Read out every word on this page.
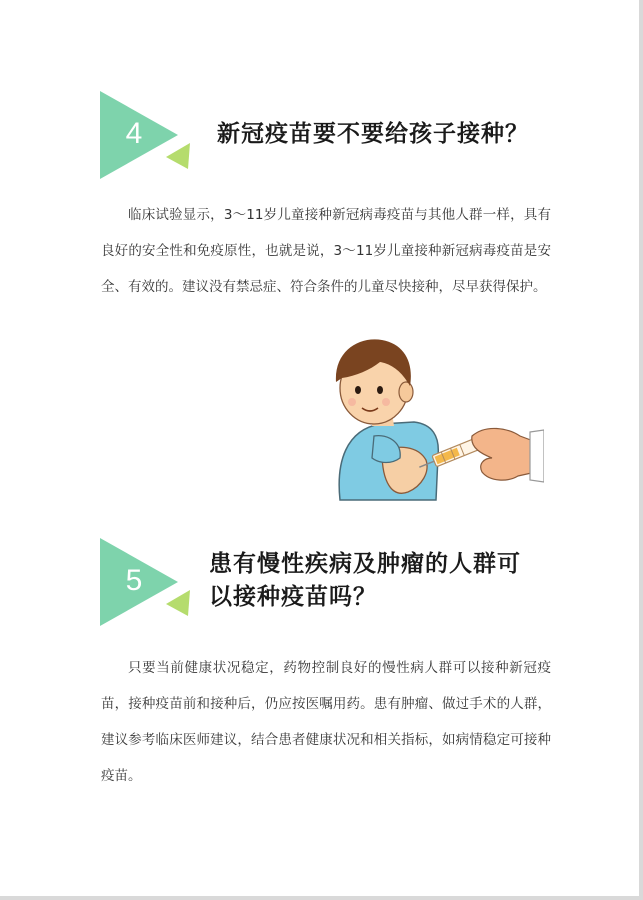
4	新冠疫苗要不要给孩子接种？
临床试验显示，3～11岁儿童接种新冠病毒疫苗与其他人群一样，具有良好的安全性和免疫原性，也就是说，3～11岁儿童接种新冠病毒疫苗是安全、有效的。建议没有禁忌症、符合条件的儿童尽快接种，尽早获得保护。
5	患有慢性疾病及肿瘤的人群可
以接种疫苗吗？
只要当前健康状况稳定，药物控制良好的慢性病人群可以接种新冠疫苗，接种疫苗前和接种后，仍应按医嘱用药。患有肿瘤、做过手术的人群，建议参考临床医师建议，结合患者健康状况和相关指标，如病情稳定可接种疫苗。
